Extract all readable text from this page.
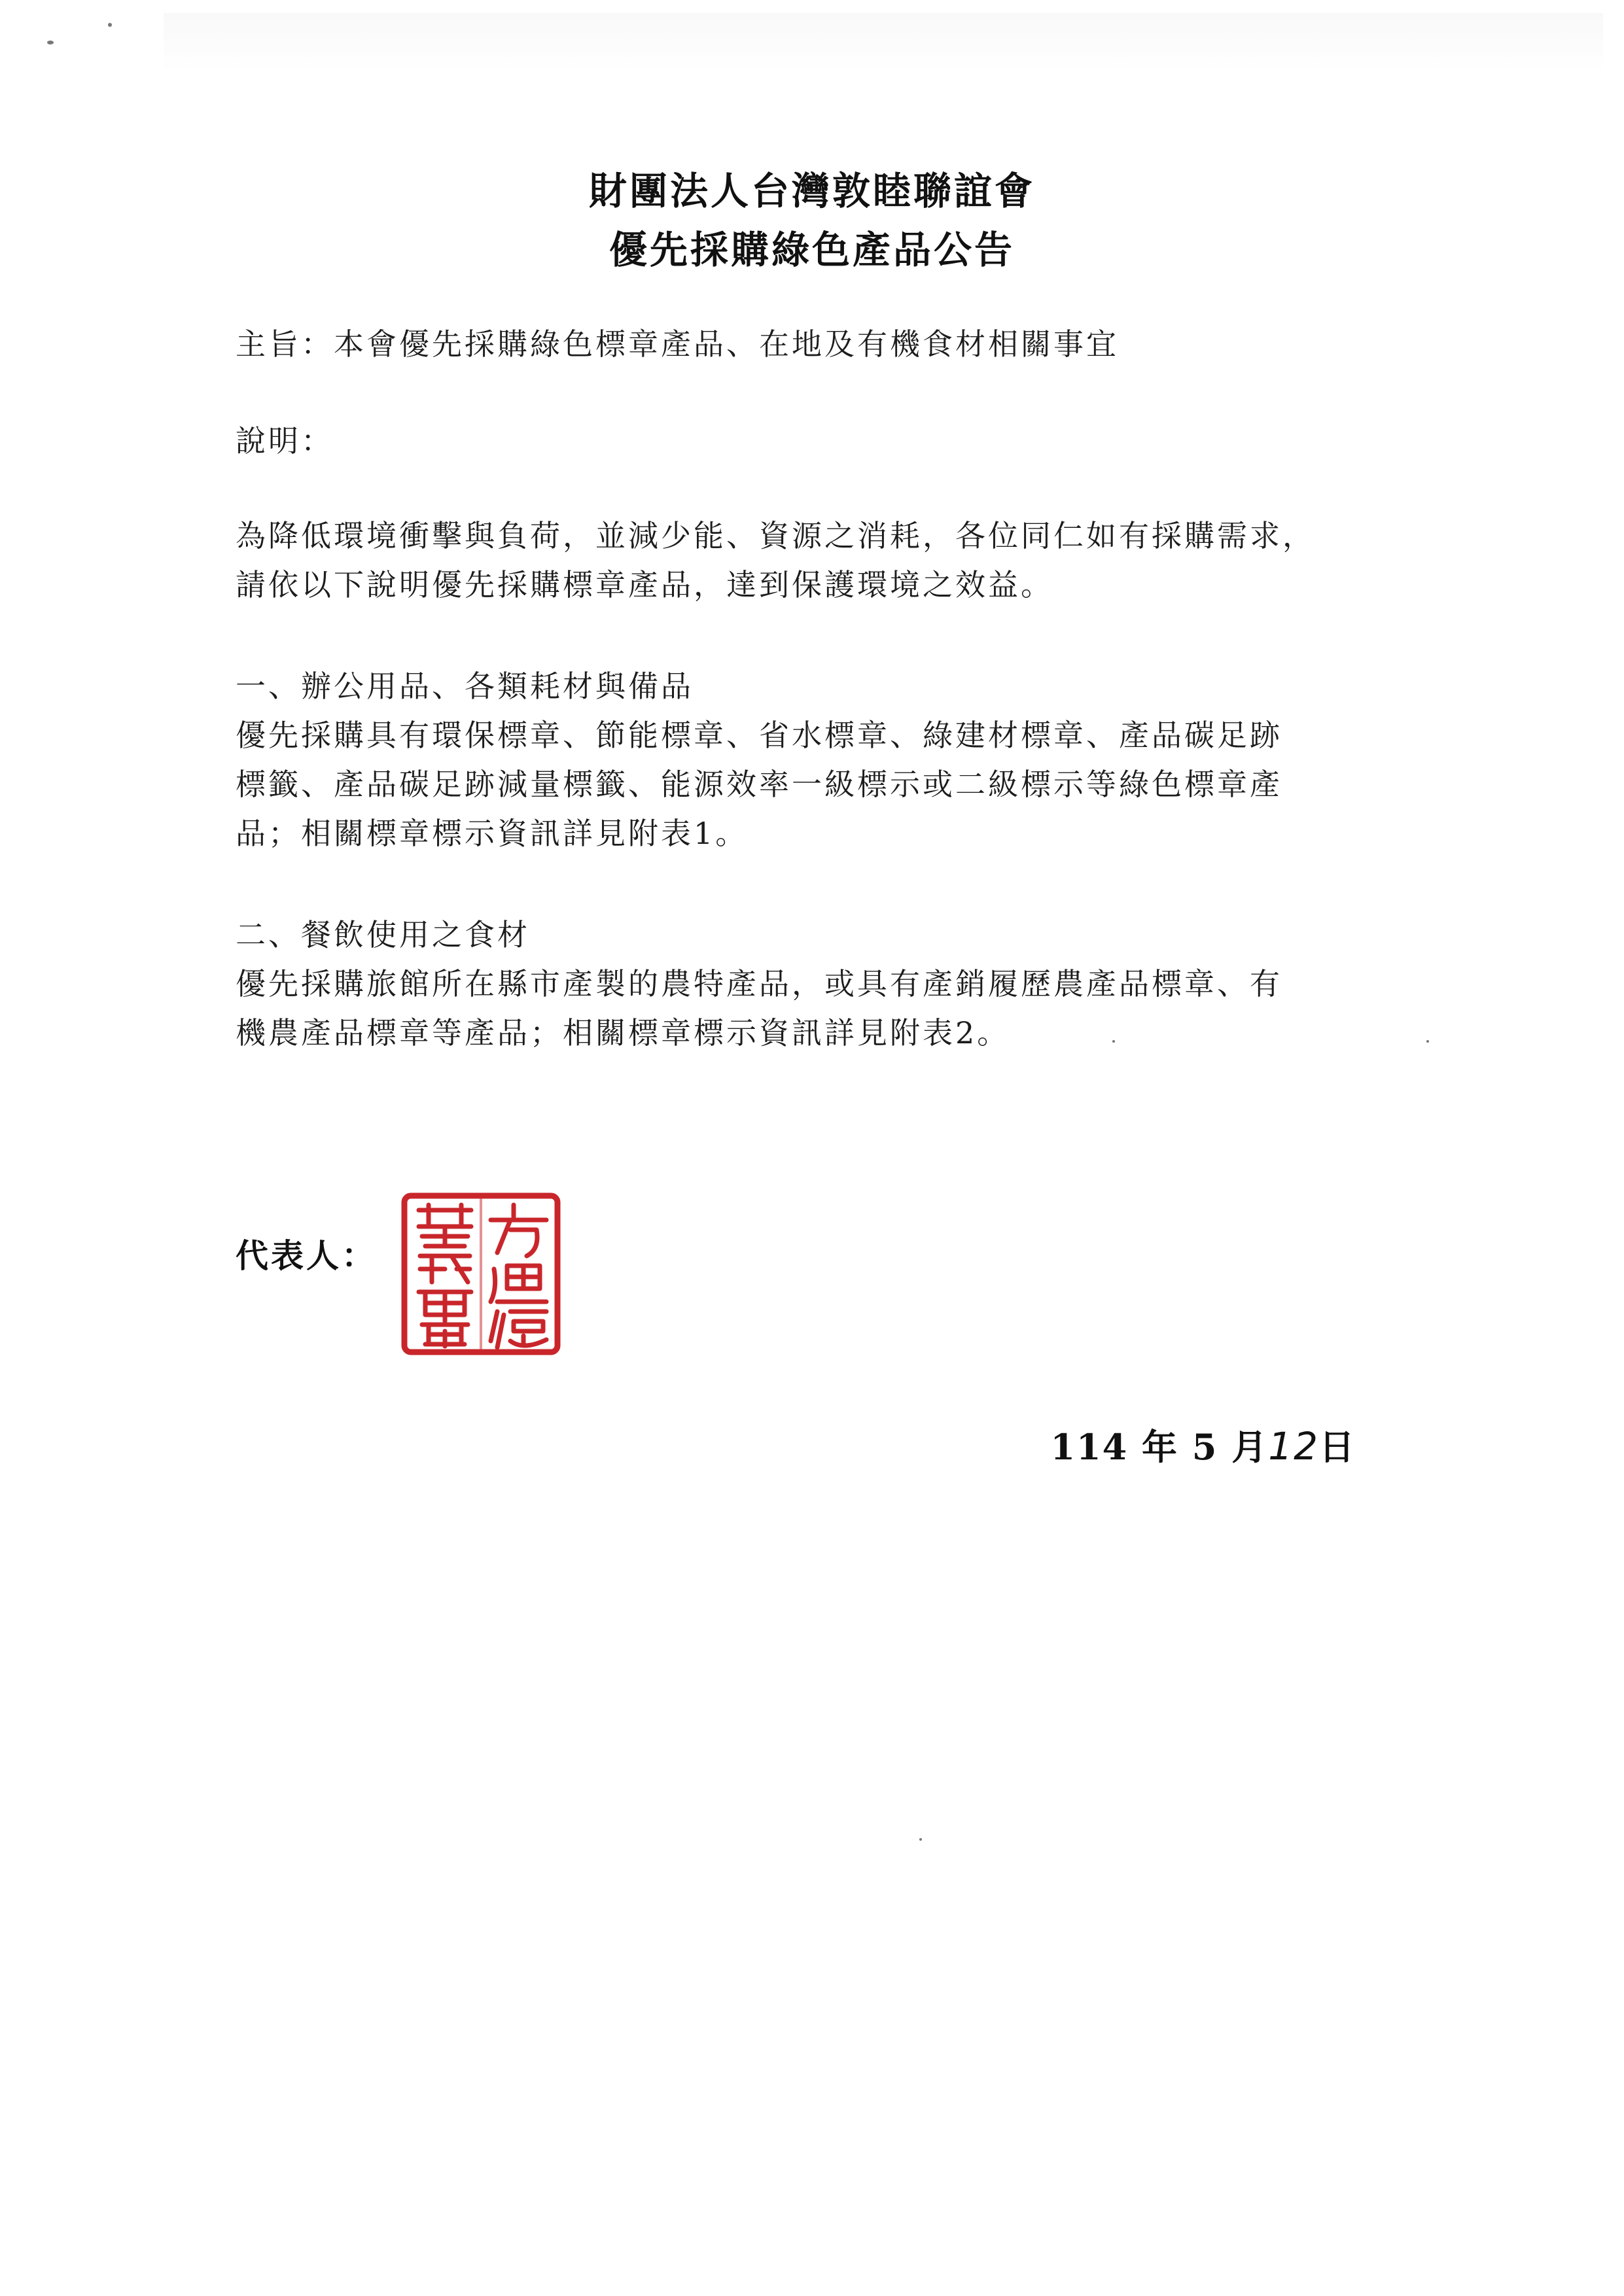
財團法人台灣敦睦聯誼會
優先採購綠色產品公告
主旨：本會優先採購綠色標章產品、在地及有機食材相關事宜
說明：
為降低環境衝擊與負荷，並減少能、資源之消耗，各位同仁如有採購需求，
請依以下說明優先採購標章產品，達到保護環境之效益。
一、辦公用品、各類耗材與備品
優先採購具有環保標章、節能標章、省水標章、綠建材標章、產品碳足跡
標籤、產品碳足跡減量標籤、能源效率一級標示或二級標示等綠色標章產
品；相關標章標示資訊詳見附表1。
二、餐飲使用之食材
優先採購旅館所在縣市產製的農特產品，或具有產銷履歷農產品標章、有
機農產品標章等產品；相關標章標示資訊詳見附表2。
代表人：
114 年 5 月12日
